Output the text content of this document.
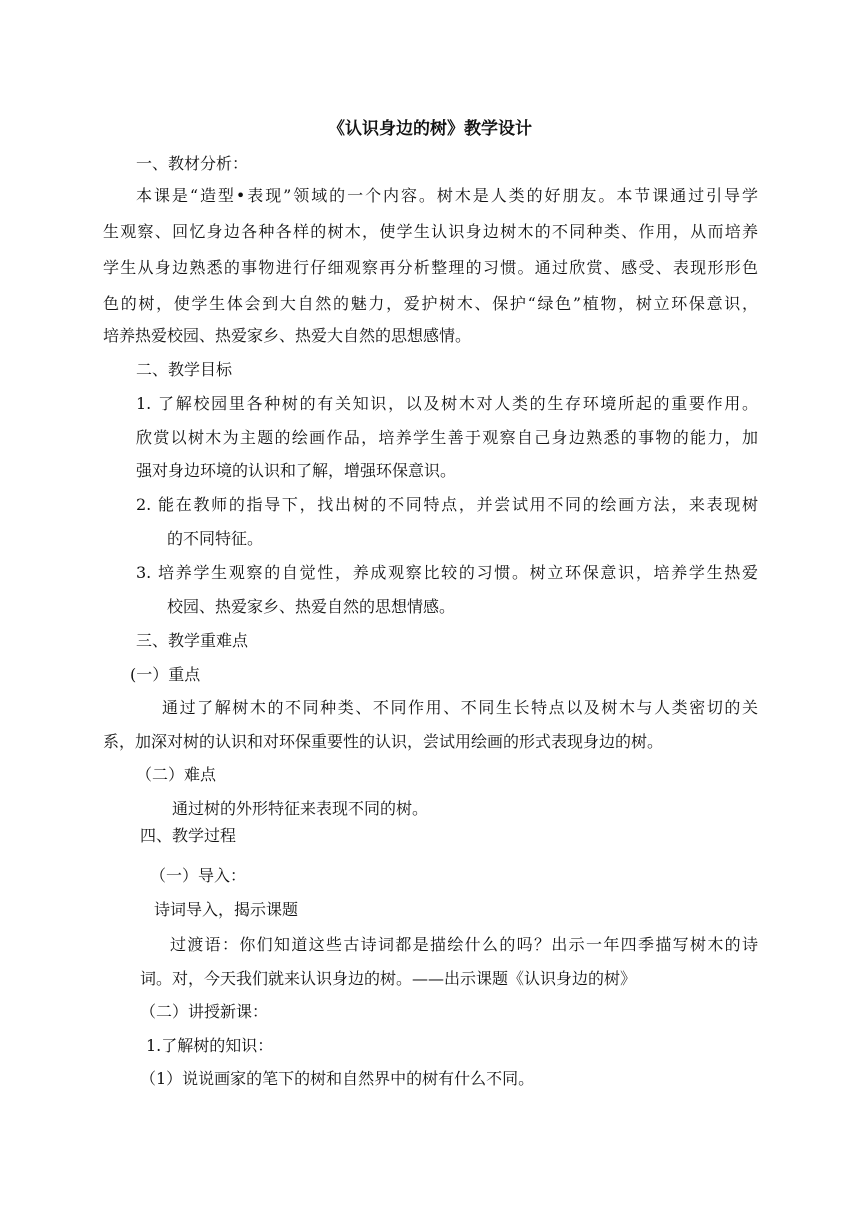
《认识身边的树》教学设计
一、教材分析：
本课是“造型•表现”领域的一个内容。树木是人类的好朋友。本节课通过引导学
生观察、回忆身边各种各样的树木，使学生认识身边树木的不同种类、作用，从而培养
学生从身边熟悉的事物进行仔细观察再分析整理的习惯。通过欣赏、感受、表现形形色
色的树，使学生体会到大自然的魅力，爱护树木、保护“绿色”植物，树立环保意识，
培养热爱校园、热爱家乡、热爱大自然的思想感情。
二、教学目标
1. 了解校园里各种树的有关知识，以及树木对人类的生存环境所起的重要作用。
欣赏以树木为主题的绘画作品，培养学生善于观察自己身边熟悉的事物的能力，加
强对身边环境的认识和了解，增强环保意识。
2. 能在教师的指导下，找出树的不同特点，并尝试用不同的绘画方法，来表现树
的不同特征。
3. 培养学生观察的自觉性，养成观察比较的习惯。树立环保意识，培养学生热爱
校园、热爱家乡、热爱自然的思想情感。
三、教学重难点
(一）重点
通过了解树木的不同种类、不同作用、不同生长特点以及树木与人类密切的关
系，加深对树的认识和对环保重要性的认识，尝试用绘画的形式表现身边的树。
（二）难点
通过树的外形特征来表现不同的树。
四、教学过程
（一）导入：
诗词导入，揭示课题
过渡语：你们知道这些古诗词都是描绘什么的吗？出示一年四季描写树木的诗
词。对，今天我们就来认识身边的树。——出示课题《认识身边的树》
（二）讲授新课：
1.了解树的知识：
（1）说说画家的笔下的树和自然界中的树有什么不同。
